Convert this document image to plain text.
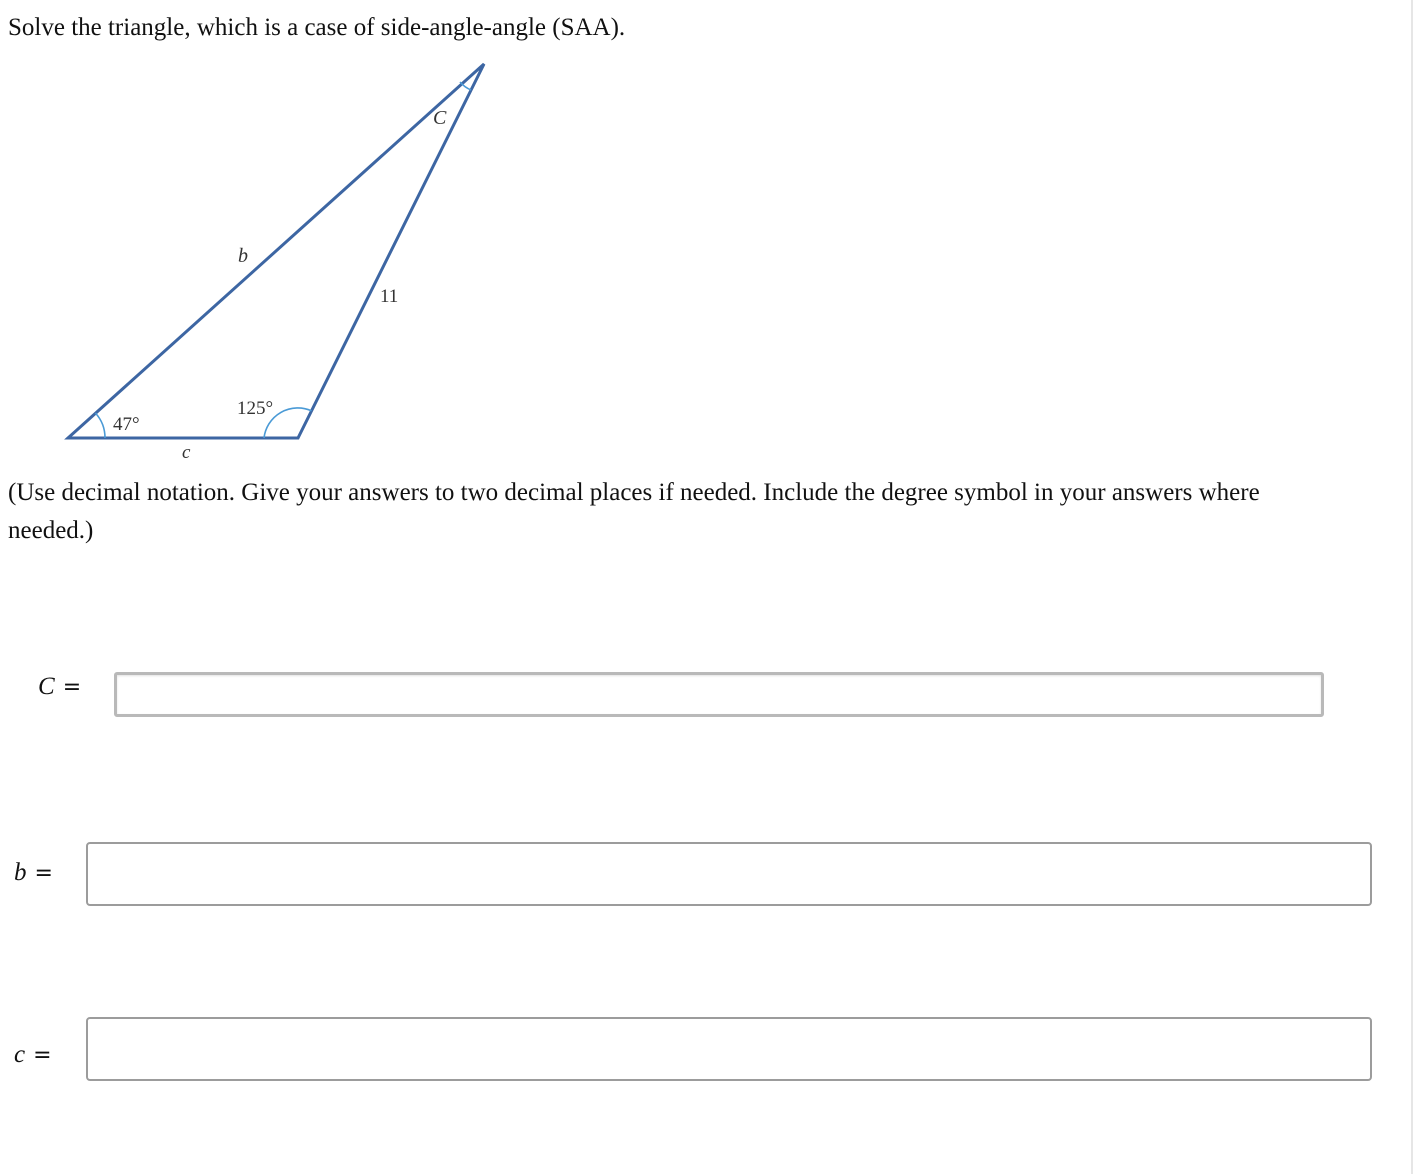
Solve the triangle, which is a case of side-angle-angle (SAA).
47°
125°
C
b
11
c
(Use decimal notation. Give your answers to two decimal places if needed. Include the degree symbol in your answers where needed.)
C =
b =
c =
